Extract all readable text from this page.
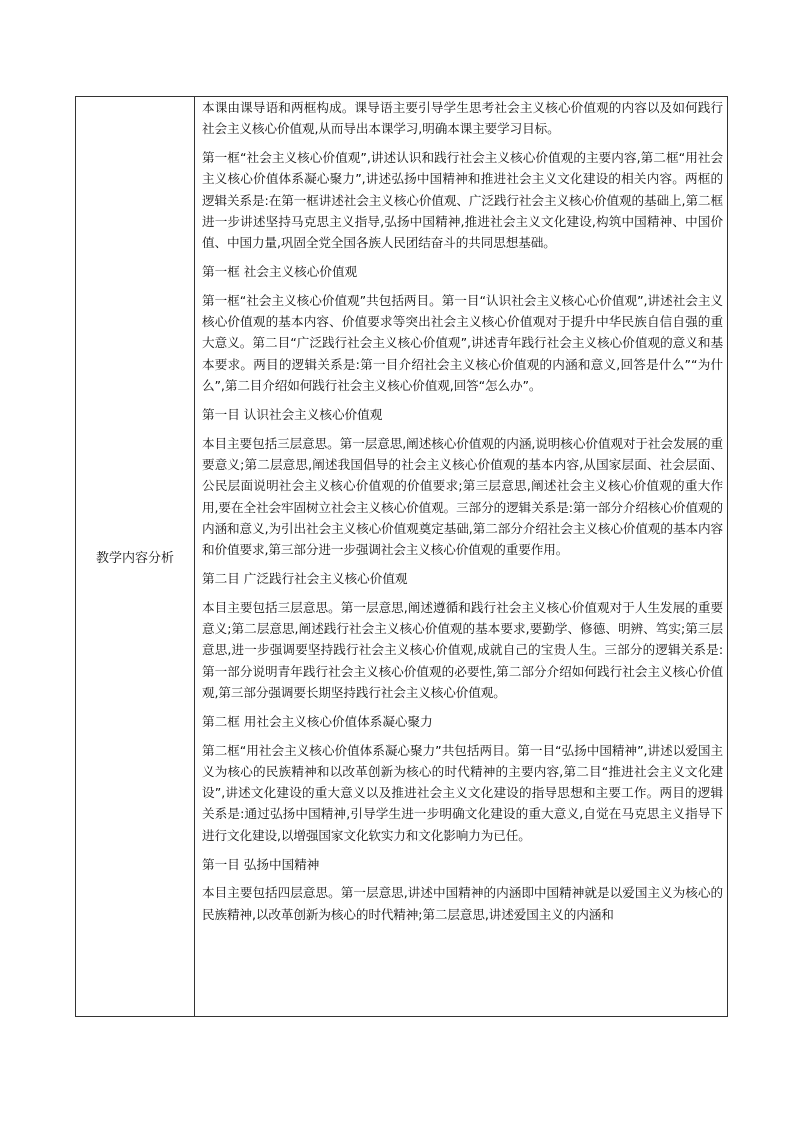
教学内容分析	

本课由课导语和两框构成。课导语主要引导学生思考社会主义核心价值观的内容以及如何践行社会主义核心价值观,从而导出本课学习,明确本课主要学习目标。

第一框“社会主义核心价值观”,讲述认识和践行社会主义核心价值观的主要内容,第二框“用社会主义核心价值体系凝心聚力”,讲述弘扬中国精神和推进社会主义文化建设的相关内容。两框的逻辑关系是:在第一框讲述社会主义核心价值观、广泛践行社会主义核心价值观的基础上,第二框进一步讲述坚持马克思主义指导,弘扬中国精神,推进社会主义文化建设,构筑中国精神、中国价值、中国力量,巩固全党全国各族人民团结奋斗的共同思想基础。

第一框 社会主义核心价值观

第一框“社会主义核心价值观”共包括两目。第一目“认识社会主义核心心价值观”,讲述社会主义核心价值观的基本内容、价值要求等突出社会主义核心价值观对于提升中华民族自信自强的重大意义。第二目“广泛践行社会主义核心价值观”,讲述青年践行社会主义核心价值观的意义和基本要求。两目的逻辑关系是:第一目介绍社会主义核心价值观的内涵和意义,回答是什么”“为什么”,第二目介绍如何践行社会主义核心价值观,回答“怎么办”。

第一目 认识社会主义核心价值观

本目主要包括三层意思。第一层意思,阐述核心价值观的内涵,说明核心价值观对于社会发展的重要意义;第二层意思,阐述我国倡导的社会主义核心价值观的基本内容,从国家层面、社会层面、公民层面说明社会主义核心价值观的价值要求;第三层意思,阐述社会主义核心价值观的重大作用,要在全社会牢固树立社会主义核心价值观。三部分的逻辑关系是:第一部分介绍核心价值观的内涵和意义,为引出社会主义核心价值观奠定基础,第二部分介绍社会主义核心价值观的基本内容和价值要求,第三部分进一步强调社会主义核心价值观的重要作用。

第二目 广泛践行社会主义核心价值观

本目主要包括三层意思。第一层意思,阐述遵循和践行社会主义核心价值观对于人生发展的重要意义;第二层意思,阐述践行社会主义核心价值观的基本要求,要勤学、修德、明辨、笃实;第三层意思,进一步强调要坚持践行社会主义核心价值观,成就自己的宝贵人生。三部分的逻辑关系是:第一部分说明青年践行社会主义核心价值观的必要性,第二部分介绍如何践行社会主义核心价值观,第三部分强调要长期坚持践行社会主义核心价值观。

第二框 用社会主义核心价值体系凝心聚力

第二框“用社会主义核心价值体系凝心聚力”共包括两目。第一目“弘扬中国精神”,讲述以爱国主义为核心的民族精神和以改革创新为核心的时代精神的主要内容,第二目“推进社会主义文化建设”,讲述文化建设的重大意义以及推进社会主义文化建设的指导思想和主要工作。两目的逻辑关系是:通过弘扬中国精神,引导学生进一步明确文化建设的重大意义,自觉在马克思主义指导下进行文化建设,以增强国家文化软实力和文化影响力为已任。

第一目 弘扬中国精神

本目主要包括四层意思。第一层意思,讲述中国精神的内涵即中国精神就是以爱国主义为核心的民族精神,以改革创新为核心的时代精神;第二层意思,讲述爱国主义的内涵和
